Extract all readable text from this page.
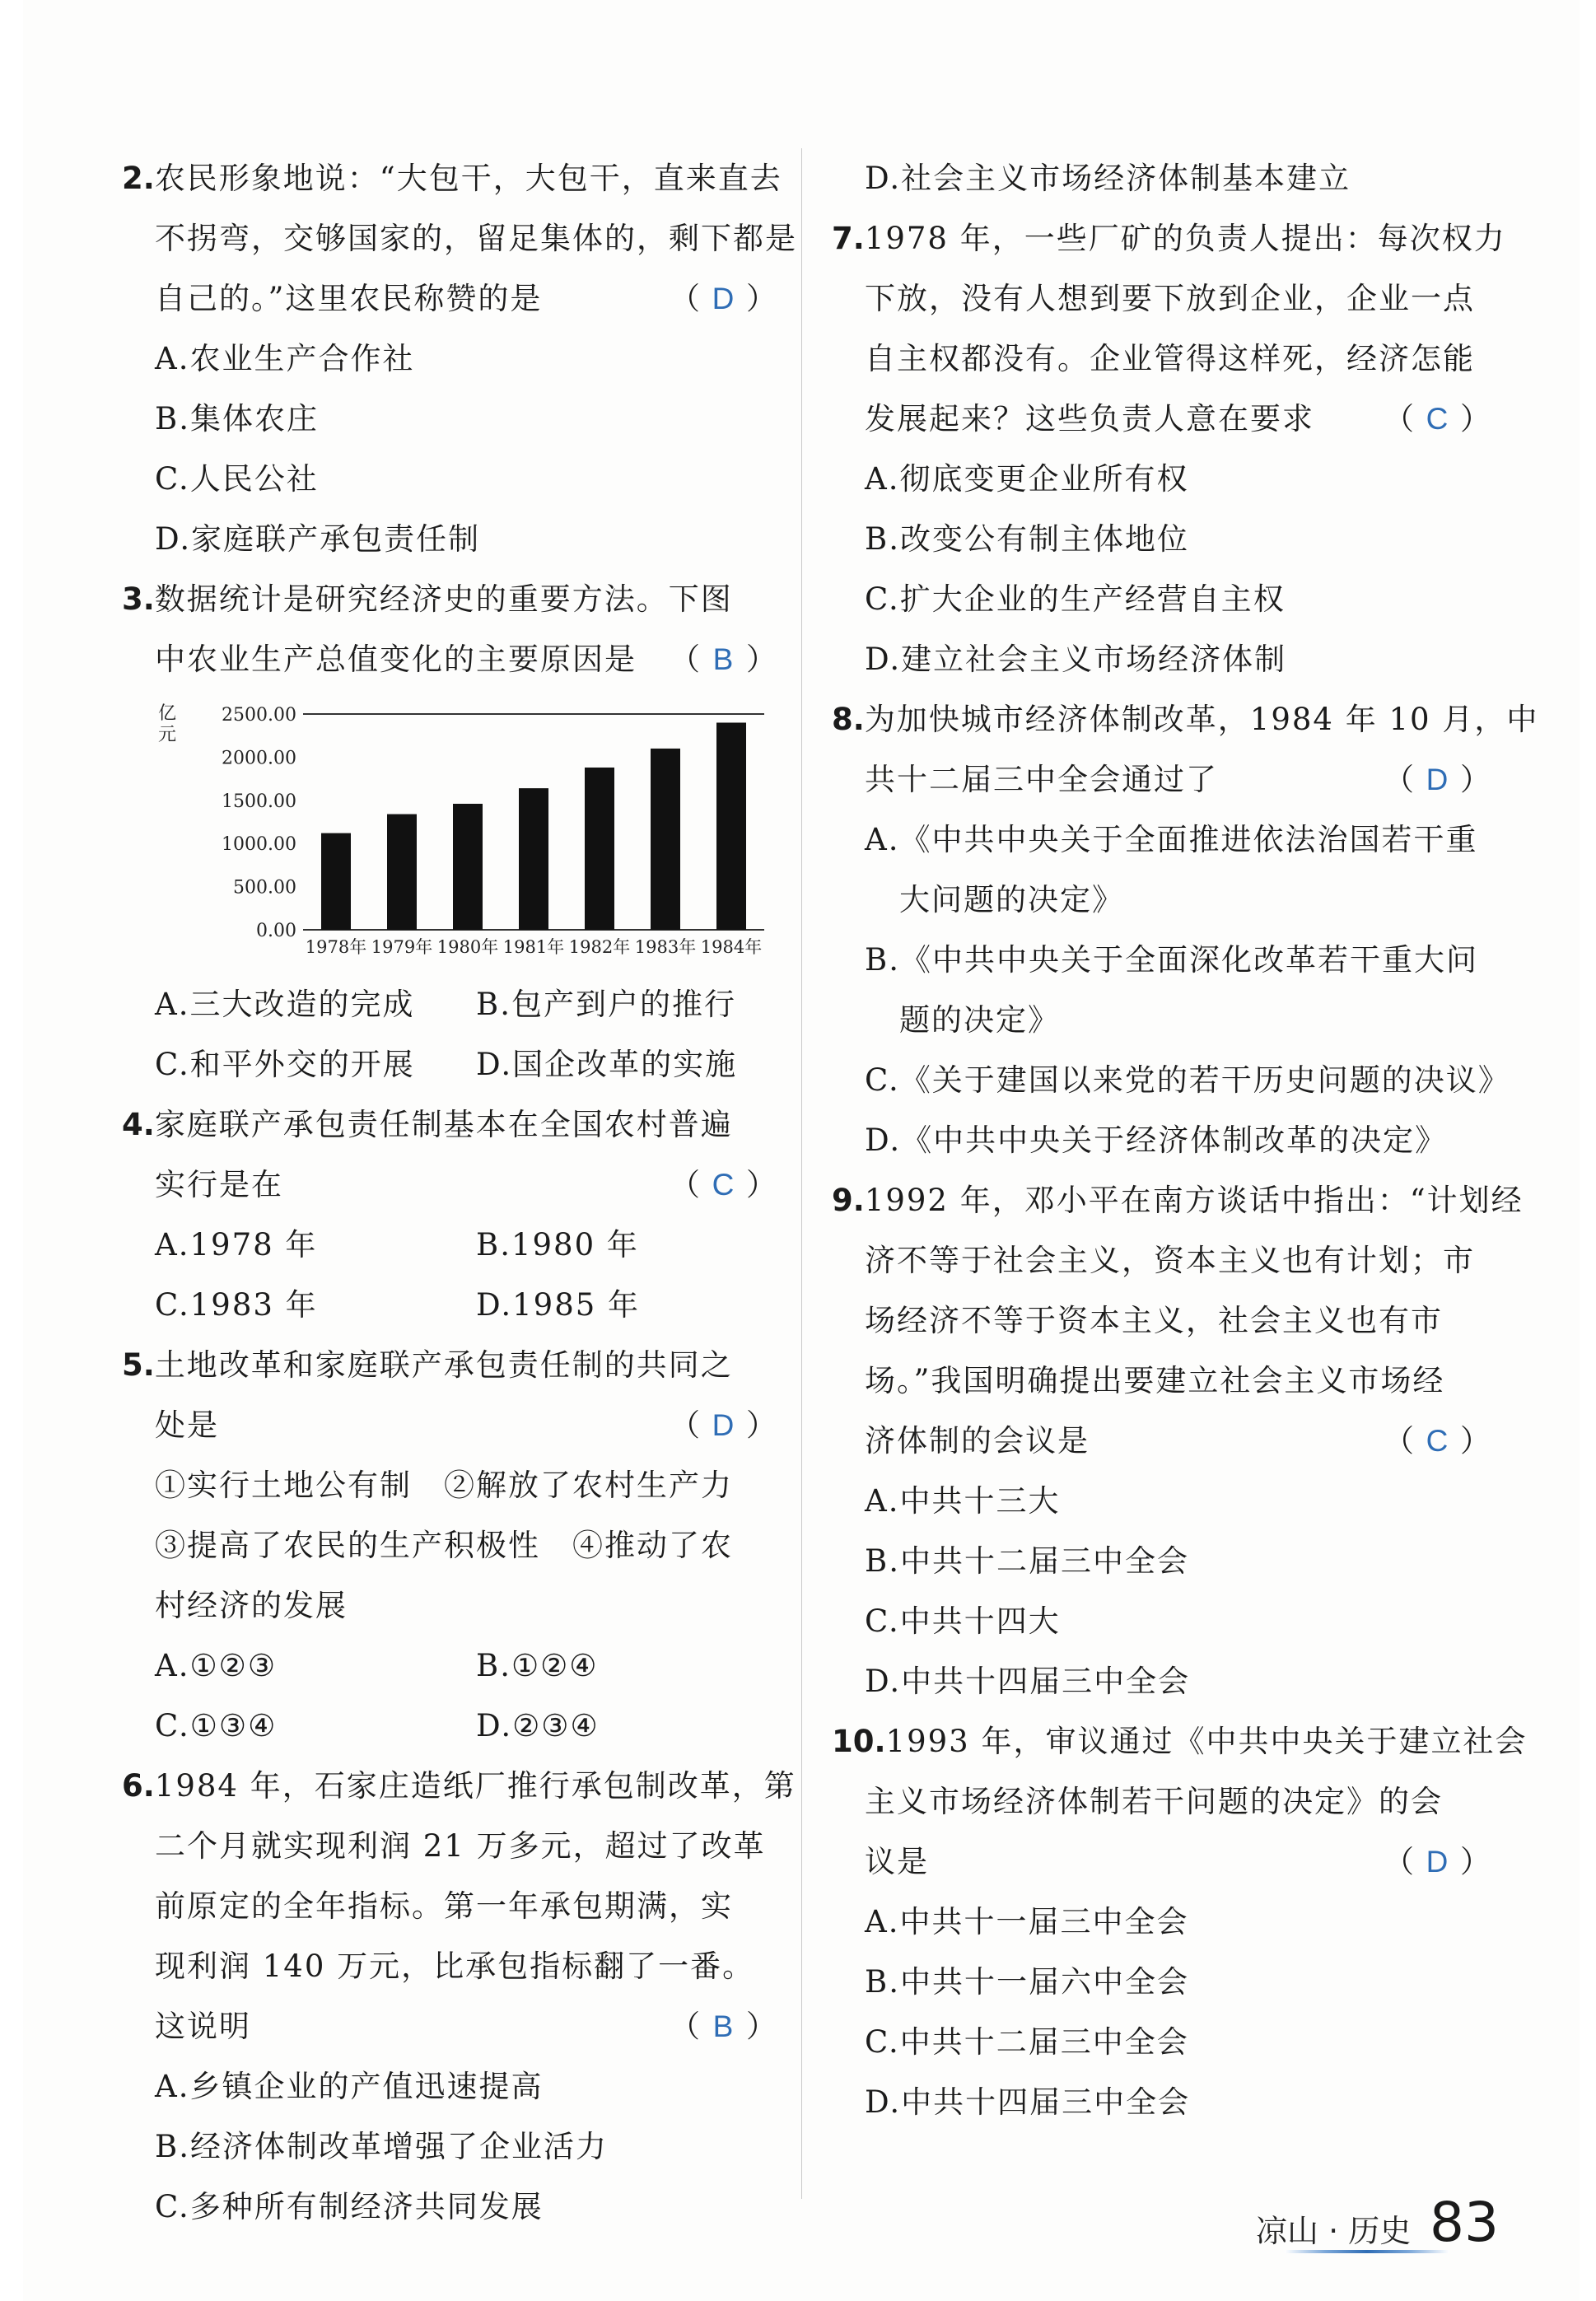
2.农民形象地说：“大包干，大包干，直来直去
不拐弯，交够国家的，留足集体的，剩下都是
自己的。”这里农民称赞的是	（ D ）
A.农业生产合作社
B.集体农庄
C.人民公社
D.家庭联产承包责任制
3.数据统计是研究经济史的重要方法。下图
中农业生产总值变化的主要原因是 （ B ）
亿元
0.00
500.00
1000.00
1500.00
2000.00
2500.00
1978年 1979年 1980年 1981年 1982年 1983年 1984年
A.三大改造的完成	B.包产到户的推行
C.和平外交的开展	D.国企改革的实施
4.家庭联产承包责任制基本在全国农村普遍
实行是在	（ C ）
A.1978 年	B.1980 年
C.1983 年	D.1985 年
5.土地改革和家庭联产承包责任制的共同之
处是	（ D ）
①实行土地公有制　②解放了农村生产力
③提高了农民的生产积极性　④推动了农
村经济的发展
A.①②③	B.①②④
C.①③④	D.②③④
6.1984 年，石家庄造纸厂推行承包制改革，第
二个月就实现利润 21 万多元，超过了改革
前原定的全年指标。第一年承包期满，实
现利润 140 万元，比承包指标翻了一番。
这说明	（ B ）
A.乡镇企业的产值迅速提高
B.经济体制改革增强了企业活力
C.多种所有制经济共同发展
D.社会主义市场经济体制基本建立
7.1978 年，一些厂矿的负责人提出：每次权力
下放，没有人想到要下放到企业，企业一点
自主权都没有。企业管得这样死，经济怎能
发展起来？这些负责人意在要求 （ C ）
A.彻底变更企业所有权
B.改变公有制主体地位
C.扩大企业的生产经营自主权
D.建立社会主义市场经济体制
8.为加快城市经济体制改革，1984 年 10 月，中
共十二届三中全会通过了	（ D ）
A.《中共中央关于全面推进依法治国若干重
大问题的决定》
B.《中共中央关于全面深化改革若干重大问
题的决定》
C.《关于建国以来党的若干历史问题的决议》
D.《中共中央关于经济体制改革的决定》
9.1992 年，邓小平在南方谈话中指出：“计划经
济不等于社会主义，资本主义也有计划；市
场经济不等于资本主义，社会主义也有市
场。”我国明确提出要建立社会主义市场经
济体制的会议是	（ C ）
A.中共十三大
B.中共十二届三中全会
C.中共十四大
D.中共十四届三中全会
10.1993 年，审议通过《中共中央关于建立社会
主义市场经济体制若干问题的决定》的会
议是	（ D ）
A.中共十一届三中全会
B.中共十一届六中全会
C.中共十二届三中全会
D.中共十四届三中全会
凉山 · 历史 83
